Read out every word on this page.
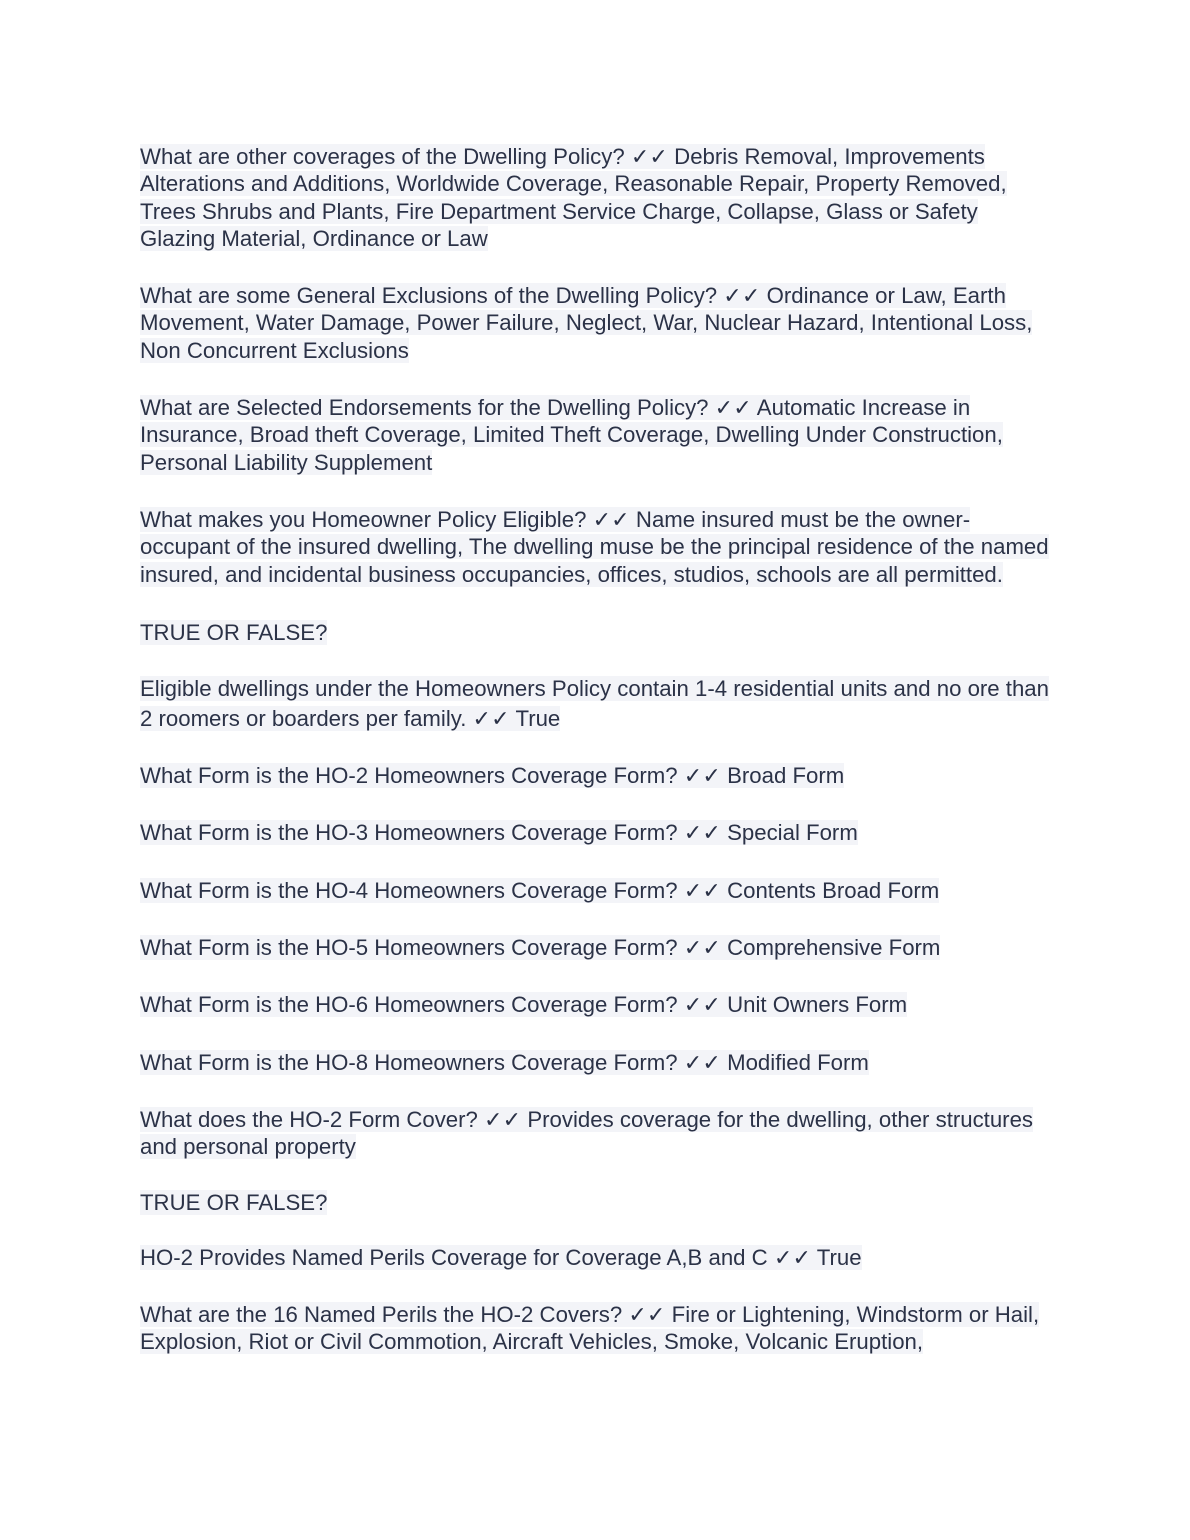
What are other coverages of the Dwelling Policy? ✓✓ Debris Removal, Improvements Alterations and Additions, Worldwide Coverage, Reasonable Repair, Property Removed, Trees Shrubs and Plants, Fire Department Service Charge, Collapse, Glass or Safety Glazing Material, Ordinance or Law

What are some General Exclusions of the Dwelling Policy? ✓✓ Ordinance or Law, Earth Movement, Water Damage, Power Failure, Neglect, War, Nuclear Hazard, Intentional Loss, Non Concurrent Exclusions

What are Selected Endorsements for the Dwelling Policy? ✓✓ Automatic Increase in Insurance, Broad theft Coverage, Limited Theft Coverage, Dwelling Under Construction, Personal Liability Supplement

What makes you Homeowner Policy Eligible? ✓✓ Name insured must be the owner-occupant of the insured dwelling, The dwelling muse be the principal residence of the named insured, and incidental business occupancies, offices, studios, schools are all permitted.

TRUE OR FALSE?

Eligible dwellings under the Homeowners Policy contain 1-4 residential units and no ore than 2 roomers or boarders per family. ✓✓ True

What Form is the HO-2 Homeowners Coverage Form? ✓✓ Broad Form

What Form is the HO-3 Homeowners Coverage Form? ✓✓ Special Form

What Form is the HO-4 Homeowners Coverage Form? ✓✓ Contents Broad Form

What Form is the HO-5 Homeowners Coverage Form? ✓✓ Comprehensive Form

What Form is the HO-6 Homeowners Coverage Form? ✓✓ Unit Owners Form

What Form is the HO-8 Homeowners Coverage Form? ✓✓ Modified Form

What does the HO-2 Form Cover? ✓✓ Provides coverage for the dwelling, other structures and personal property

TRUE OR FALSE?

HO-2 Provides Named Perils Coverage for Coverage A,B and C ✓✓ True

What are the 16 Named Perils the HO-2 Covers? ✓✓ Fire or Lightening, Windstorm or Hail, Explosion, Riot or Civil Commotion, Aircraft Vehicles, Smoke, Volcanic Eruption,
